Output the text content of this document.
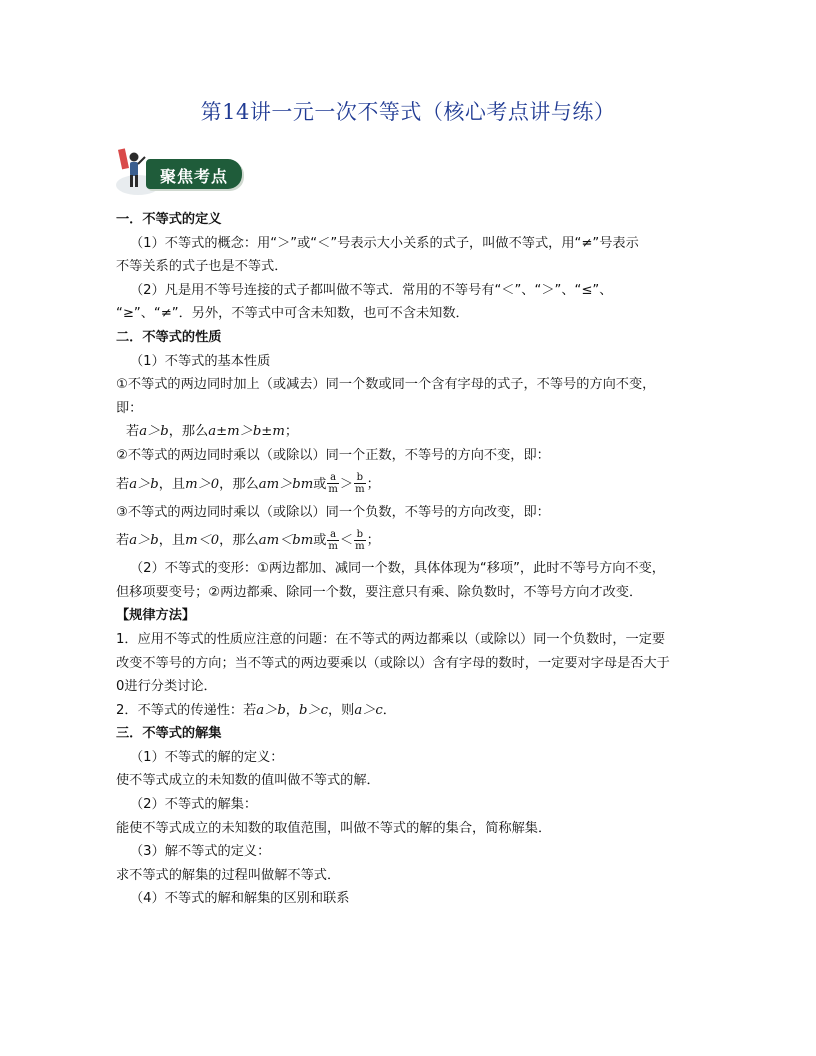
第14讲一元一次不等式（核心考点讲与练）
聚焦考点
一．不等式的定义
（1）不等式的概念：用“＞”或“＜”号表示大小关系的式子，叫做不等式，用“≠”号表示
不等关系的式子也是不等式．
（2）凡是用不等号连接的式子都叫做不等式．常用的不等号有“＜”、“＞”、“≤”、
“≥”、“≠”．另外，不等式中可含未知数，也可不含未知数．
二．不等式的性质
（1）不等式的基本性质
①不等式的两边同时加上（或减去）同一个数或同一个含有字母的式子，不等号的方向不变，
即：
若a＞b，那么a±m＞b±m；
②不等式的两边同时乘以（或除以）同一个正数，不等号的方向不变，即：
若a＞b，且m＞0，那么am＞bm或 $\frac{a}{m} > \frac{b}{m}$ ；
③不等式的两边同时乘以（或除以）同一个负数，不等号的方向改变，即：
若a＞b，且m＜0，那么am＜bm或 $\frac{a}{m} < \frac{b}{m}$ ；
（2）不等式的变形：①两边都加、减同一个数，具体体现为“移项”，此时不等号方向不变，
但移项要变号；②两边都乘、除同一个数，要注意只有乘、除负数时，不等号方向才改变．
【规律方法】
1．应用不等式的性质应注意的问题：在不等式的两边都乘以（或除以）同一个负数时，一定要
改变不等号的方向；当不等式的两边要乘以（或除以）含有字母的数时，一定要对字母是否大于
0进行分类讨论．
2．不等式的传递性：若a＞b，b＞c，则a＞c．
三．不等式的解集
（1）不等式的解的定义：
使不等式成立的未知数的值叫做不等式的解．
（2）不等式的解集：
能使不等式成立的未知数的取值范围，叫做不等式的解的集合，简称解集．
（3）解不等式的定义：
求不等式的解集的过程叫做解不等式．
（4）不等式的解和解集的区别和联系
